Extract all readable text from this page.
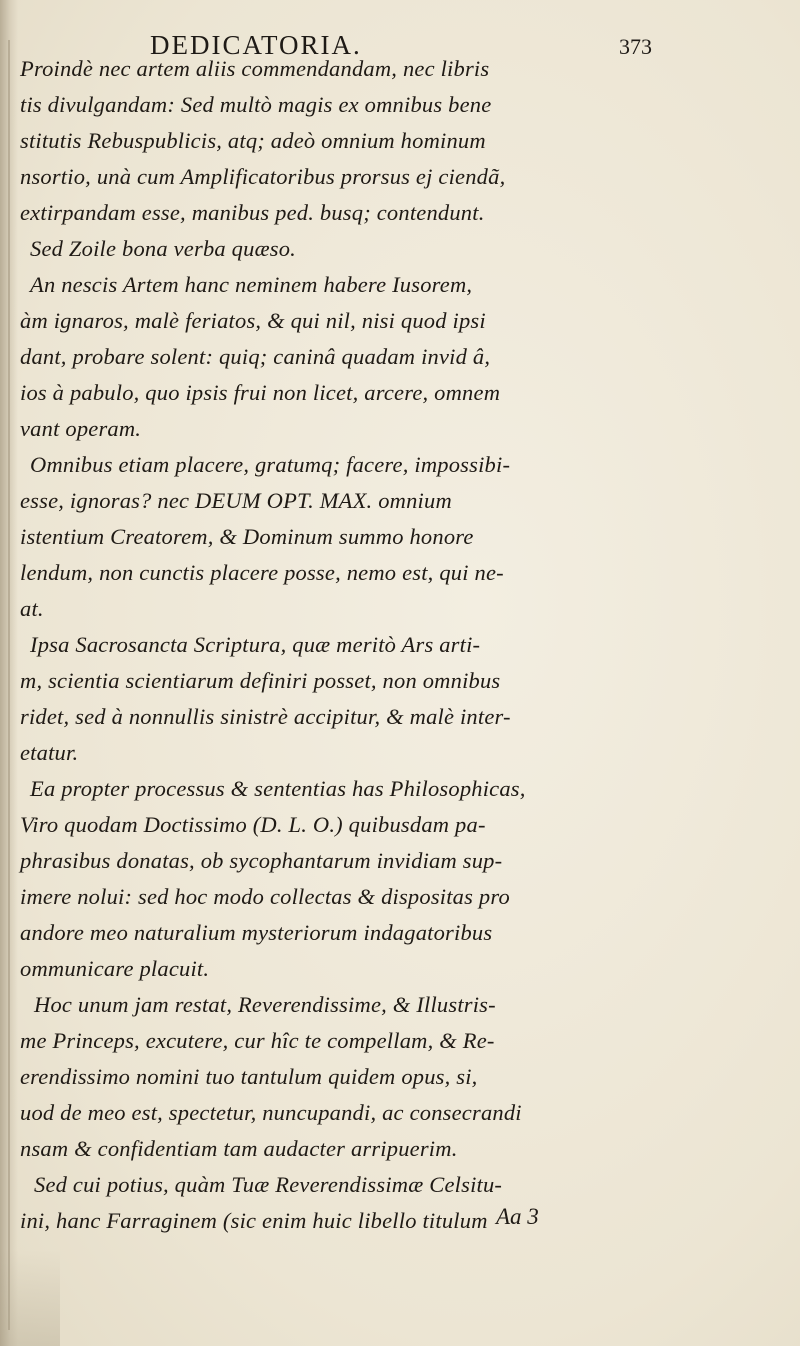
DEDICATORIA.	373
Proindè nec artem aliis commendandam, nec libris
tis divulgandam: Sed multò magis ex omnibus bene
stitutis Rebuspublicis, atq; adeò omnium hominum
nsortio, unà cum Amplificatoribus prorsus ej ciendã,
extirpandam esse, manibus ped. busq; contendunt.
Sed Zoile bona verba quæso.
An nescis Artem hanc neminem habere Iusorem,
àm ignaros, malè feriatos, & qui nil, nisi quod ipsi
dant, probare solent: quiq; caninâ quadam invid â,
ios à pabulo, quo ipsis frui non licet, arcere, omnem
vant operam.
Omnibus etiam placere, gratumq; facere, impossibi-
esse, ignoras? nec DEUM OPT. MAX. omnium
istentium Creatorem, & Dominum summo honore
lendum, non cunctis placere posse, nemo est, qui ne-
at.
Ipsa Sacrosancta Scriptura, quæ meritò Ars arti-
m, scientia scientiarum definiri posset, non omnibus
ridet, sed à nonnullis sinistrè accipitur, & malè inter-
etatur.
Ea propter processus & sententias has Philosophicas,
Viro quodam Doctissimo (D. L. O.) quibusdam pa-
phrasibus donatas, ob sycophantarum invidiam sup-
imere nolui: sed hoc modo collectas & dispositas pro
andore meo naturalium mysteriorum indagatoribus
ommunicare placuit.
Hoc unum jam restat, Reverendissime, & Illustris-
me Princeps, excutere, cur hîc te compellam, & Re-
erendissimo nomini tuo tantulum quidem opus, si,
uod de meo est, spectetur, nuncupandi, ac consecrandi
nsam & confidentiam tam audacter arripuerim.
Sed cui potius, quàm Tuæ Reverendissimæ Celsitu-
ini, hanc Farraginem (sic enim huic libello titulum Aa 3
